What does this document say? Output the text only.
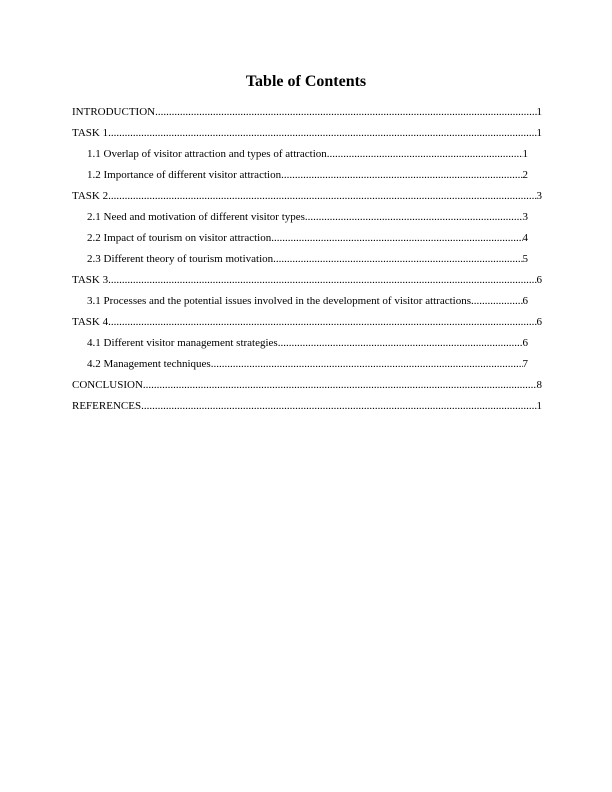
Table of Contents
INTRODUCTION .....	1
TASK 1 .....	1
1.1 Overlap of visitor attraction and types of attraction .....	1
1.2 Importance of different visitor attraction .....	2
TASK 2 .....	3
2.1 Need and motivation of different visitor types .....	3
2.2 Impact of tourism on visitor attraction .....	4
2.3 Different theory of tourism motivation .....	5
TASK 3 .....	6
3.1 Processes and the potential issues involved in the development of visitor attractions .....	6
TASK 4 .....	6
4.1 Different visitor management strategies .....	6
4.2 Management techniques .....	7
CONCLUSION .....	8
REFERENCES .....	1
